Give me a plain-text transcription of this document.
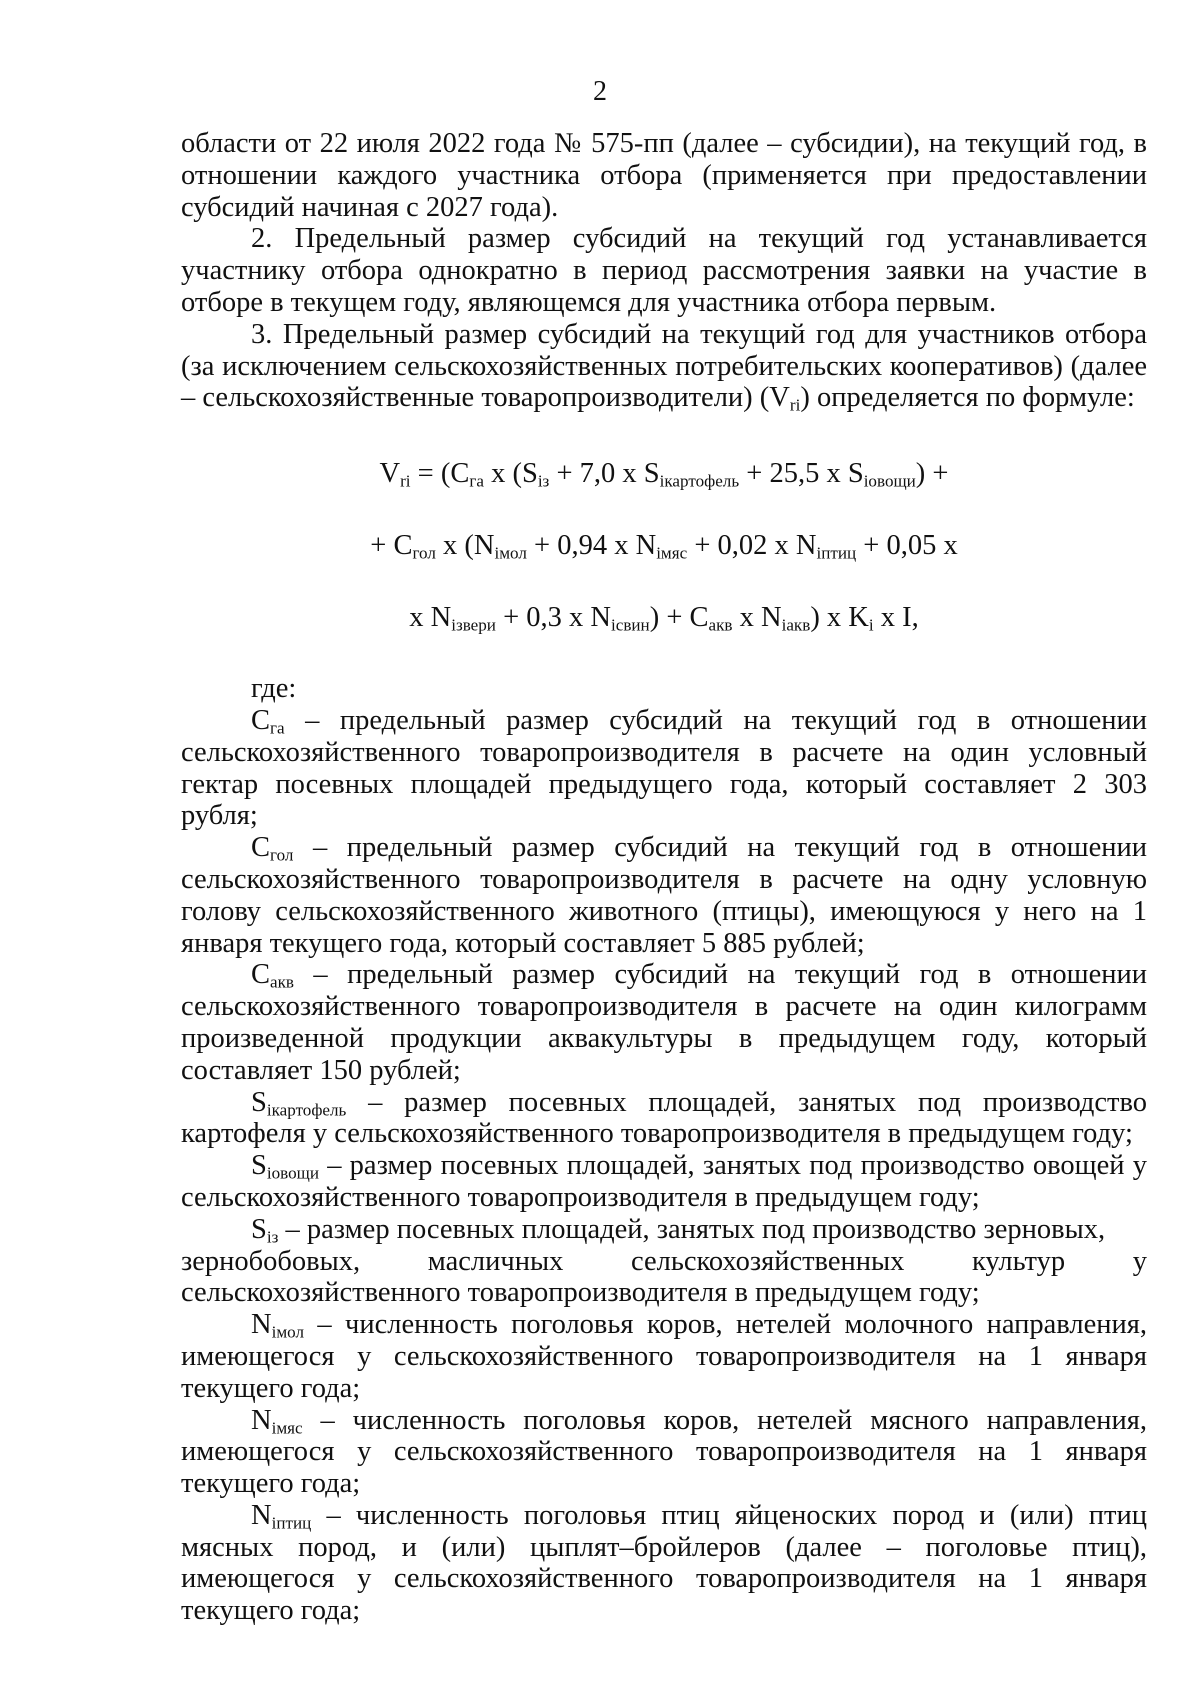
2

области от 22 июля 2022 года № 575-пп (далее – субсидии), на текущий год, в отношении каждого участника отбора (применяется при предоставлении субсидий начиная с 2027 года).

2. Предельный размер субсидий на текущий год устанавливается участнику отбора однократно в период рассмотрения заявки на участие в отборе в текущем году, являющемся для участника отбора первым.

3. Предельный размер субсидий на текущий год для участников отбора (за исключением сельскохозяйственных потребительских кооперативов) (далее – сельскохозяйственные товаропроизводители) $(V_{ri})$ определяется по формуле:

$V_{ri} = (С_{га}$ х ($S_{iз} + 7,0$ х $S_{iкартофель} + 25,5$ х $S_{iовощи}$) +
+ $С_{гол}$ х ($N_{iмол} + 0,94$ х $N_{iмяс} + 0,02$ х $N_{iптиц} + 0,05$ х
х $N_{iзвери} + 0,3$ х $N_{iсвин}) + С_{акв}$ х $N_{iакв}$) х $K_i$ х I,

где:

$С_{га}$ – предельный размер субсидий на текущий год в отношении сельскохозяйственного товаропроизводителя в расчете на один условный гектар посевных площадей предыдущего года, который составляет 2 303 рубля;

$С_{гол}$ – предельный размер субсидий на текущий год в отношении сельскохозяйственного товаропроизводителя в расчете на одну условную голову сельскохозяйственного животного (птицы), имеющуюся у него на 1 января текущего года, который составляет 5 885 рублей;

$С_{акв}$ – предельный размер субсидий на текущий год в отношении сельскохозяйственного товаропроизводителя в расчете на один килограмм произведенной продукции аквакультуры в предыдущем году, который составляет 150 рублей;

$S_{iкартофель}$ – размер посевных площадей, занятых под производство картофеля у сельскохозяйственного товаропроизводителя в предыдущем году;

$S_{iовощи}$ – размер посевных площадей, занятых под производство овощей у сельскохозяйственного товаропроизводителя в предыдущем году;

$S_{iз}$ – размер посевных площадей, занятых под производство зерновых,

зернобобовых, масличных сельскохозяйственных культур у

сельскохозяйственного товаропроизводителя в предыдущем году;

$N_{iмол}$ – численность поголовья коров, нетелей молочного направления, имеющегося у сельскохозяйственного товаропроизводителя на 1 января текущего года;

$N_{iмяс}$ – численность поголовья коров, нетелей мясного направления, имеющегося у сельскохозяйственного товаропроизводителя на 1 января текущего года;

$N_{iптиц}$ – численность поголовья птиц яйценоских пород и (или) птиц мясных пород, и (или) цыплят–бройлеров (далее – поголовье птиц), имеющегося у сельскохозяйственного товаропроизводителя на 1 января текущего года;
